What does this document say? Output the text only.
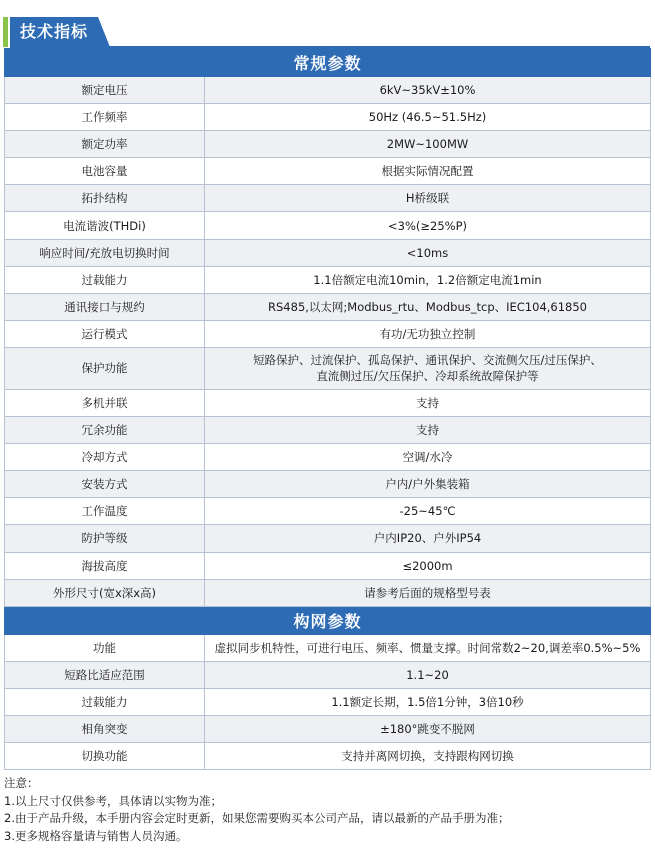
技术指标
常规参数	
额定电压	6kV~35kV±10%
工作频率	50Hz (46.5~51.5Hz)
额定功率	2MW~100MW
电池容量	根据实际情况配置
拓扑结构	H桥级联
电流谐波(THDi)	<3%(≥25%P)
响应时间/充放电切换时间	<10ms
过载能力	1.1倍额定电流10min，1.2倍额定电流1min
通讯接口与规约	RS485,以太网;Modbus_rtu、Modbus_tcp、IEC104,61850
运行模式	有功/无功独立控制
保护功能	短路保护、过流保护、孤岛保护、通讯保护、交流侧欠压/过压保护、
直流侧过压/欠压保护、冷却系统故障保护等

多机并联	支持
冗余功能	支持
冷却方式	空调/水冷
安装方式	户内/户外集装箱
工作温度	-25~45℃
防护等级	户内IP20、户外IP54
海拔高度	≤2000m
外形尺寸(宽x深x高)	请参考后面的规格型号表
构网参数	
功能	虚拟同步机特性，可进行电压、频率、惯量支撑。时间常数2~20,调差率0.5%~5%
短路比适应范围	1.1~20
过载能力	1.1额定长期，1.5倍1分钟，3倍10秒
相角突变	±180°跳变不脱网
切换功能	支持并离网切换，支持跟构网切换
注意：
1.以上尺寸仅供参考，具体请以实物为准；
2.由于产品升级，本手册内容会定时更新，如果您需要购买本公司产品，请以最新的产品手册为准；
3.更多规格容量请与销售人员沟通。
